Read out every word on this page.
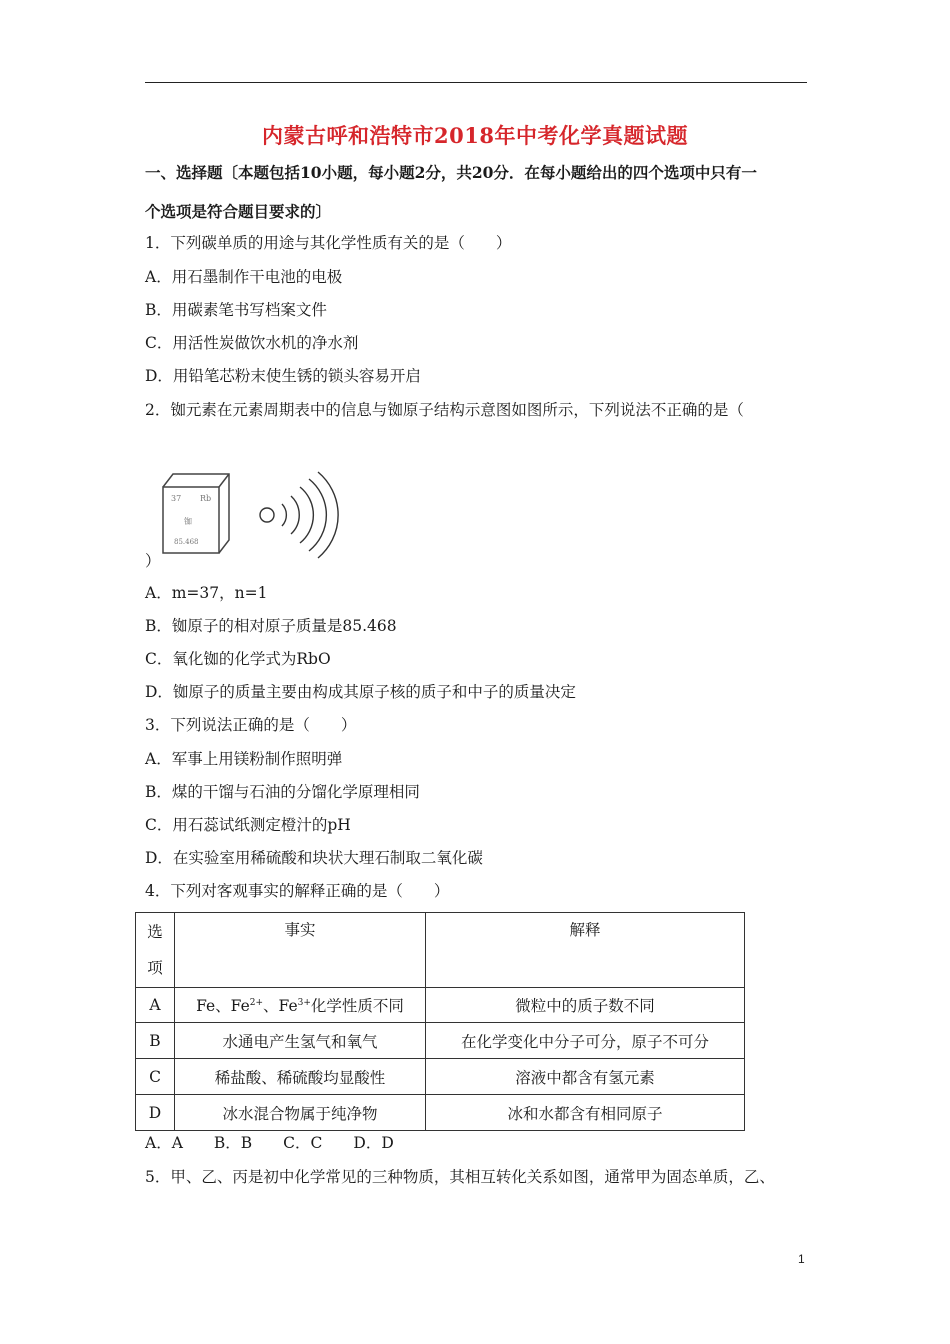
内蒙古呼和浩特市2018年中考化学真题试题
一、选择题〔本题包括10小题，每小题2分，共20分．在每小题给出的四个选项中只有一
个选项是符合题目要求的〕
1．下列碳单质的用途与其化学性质有关的是（　　）
A．用石墨制作干电池的电极
B．用碳素笔书写档案文件
C．用活性炭做饮水机的净水剂
D．用铅笔芯粉末使生锈的锁头容易开启
2．铷元素在元素周期表中的信息与铷原子结构示意图如图所示，下列说法不正确的是（
37 Rb
铷
85.468
）
A．m=37，n=1
B．铷原子的相对原子质量是85.468
C．氧化铷的化学式为RbO
D．铷原子的质量主要由构成其原子核的质子和中子的质量决定
3．下列说法正确的是（　　）
A．军事上用镁粉制作照明弹
B．煤的干馏与石油的分馏化学原理相同
C．用石蕊试纸测定橙汁的pH
D．在实验室用稀硫酸和块状大理石制取二氧化碳
4．下列对客观事实的解释正确的是（　　）
选
项	事实	解释
A	Fe、$Fe^{2+}$、$Fe^{3+}$化学性质不同	微粒中的质子数不同
B	水通电产生氢气和氧气	在化学变化中分子可分，原子不可分
C	稀盐酸、稀硫酸均显酸性	溶液中都含有氢元素
D	冰水混合物属于纯净物	冰和水都含有相同原子
A．A　　B．B　　C．C　　D．D
5．甲、乙、丙是初中化学常见的三种物质，其相互转化关系如图，通常甲为固态单质，乙、
1
